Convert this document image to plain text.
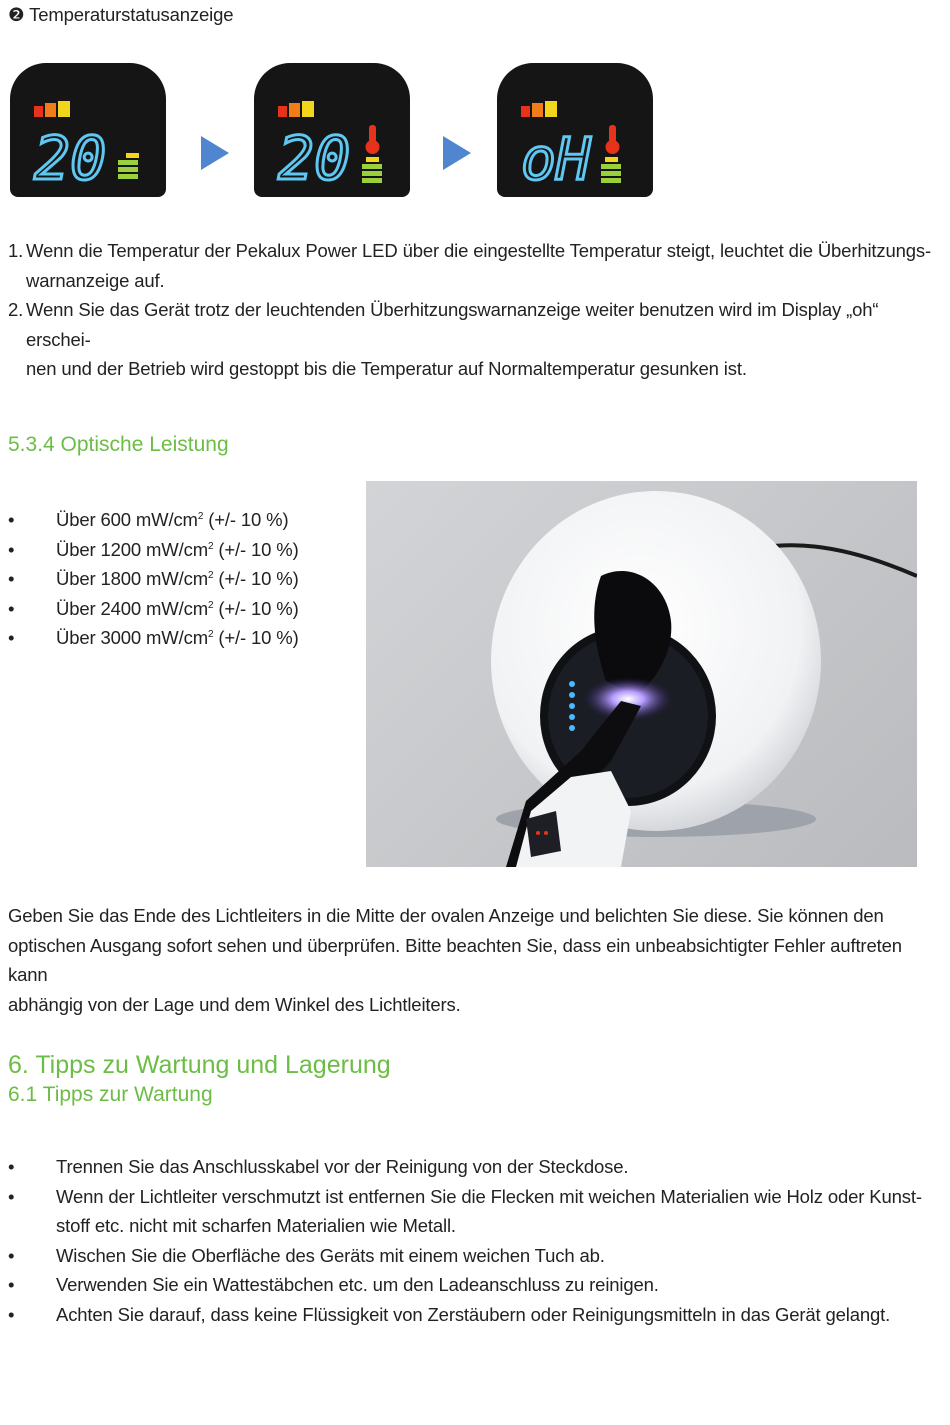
❷ Temperaturstatusanzeige
20	20	oH
1. Wenn die Temperatur der Pekalux Power LED über die eingestellte Temperatur steigt, leuchtet die Überhitzungs-
warnanzeige auf.
2. Wenn Sie das Gerät trotz der leuchtenden Überhitzungswarnanzeige weiter benutzen wird im Display „oh“ erschei-
nen und der Betrieb wird gestoppt bis die Temperatur auf Normaltemperatur gesunken ist.
5.3.4 Optische Leistung
• Über 600 $mW/cm^2$ (+/- 10 %)
• Über 1200 $mW/cm^2$ (+/- 10 %)
• Über 1800 $mW/cm^2$ (+/- 10 %)
• Über 2400 $mW/cm^2$ (+/- 10 %)
• Über 3000 $mW/cm^2$ (+/- 10 %)
Geben Sie das Ende des Lichtleiters in die Mitte der ovalen Anzeige und belichten Sie diese. Sie können den
optischen Ausgang sofort sehen und überprüfen. Bitte beachten Sie, dass ein unbeabsichtigter Fehler auftreten kann
abhängig von der Lage und dem Winkel des Lichtleiters.
6. Tipps zu Wartung und Lagerung
6.1 Tipps zur Wartung
• Trennen Sie das Anschlusskabel vor der Reinigung von der Steckdose.
• Wenn der Lichtleiter verschmutzt ist entfernen Sie die Flecken mit weichen Materialien wie Holz oder Kunst-
stoff etc. nicht mit scharfen Materialien wie Metall.
• Wischen Sie die Oberfläche des Geräts mit einem weichen Tuch ab.
• Verwenden Sie ein Wattestäbchen etc. um den Ladeanschluss zu reinigen.
• Achten Sie darauf, dass keine Flüssigkeit von Zerstäubern oder Reinigungsmitteln in das Gerät gelangt.
